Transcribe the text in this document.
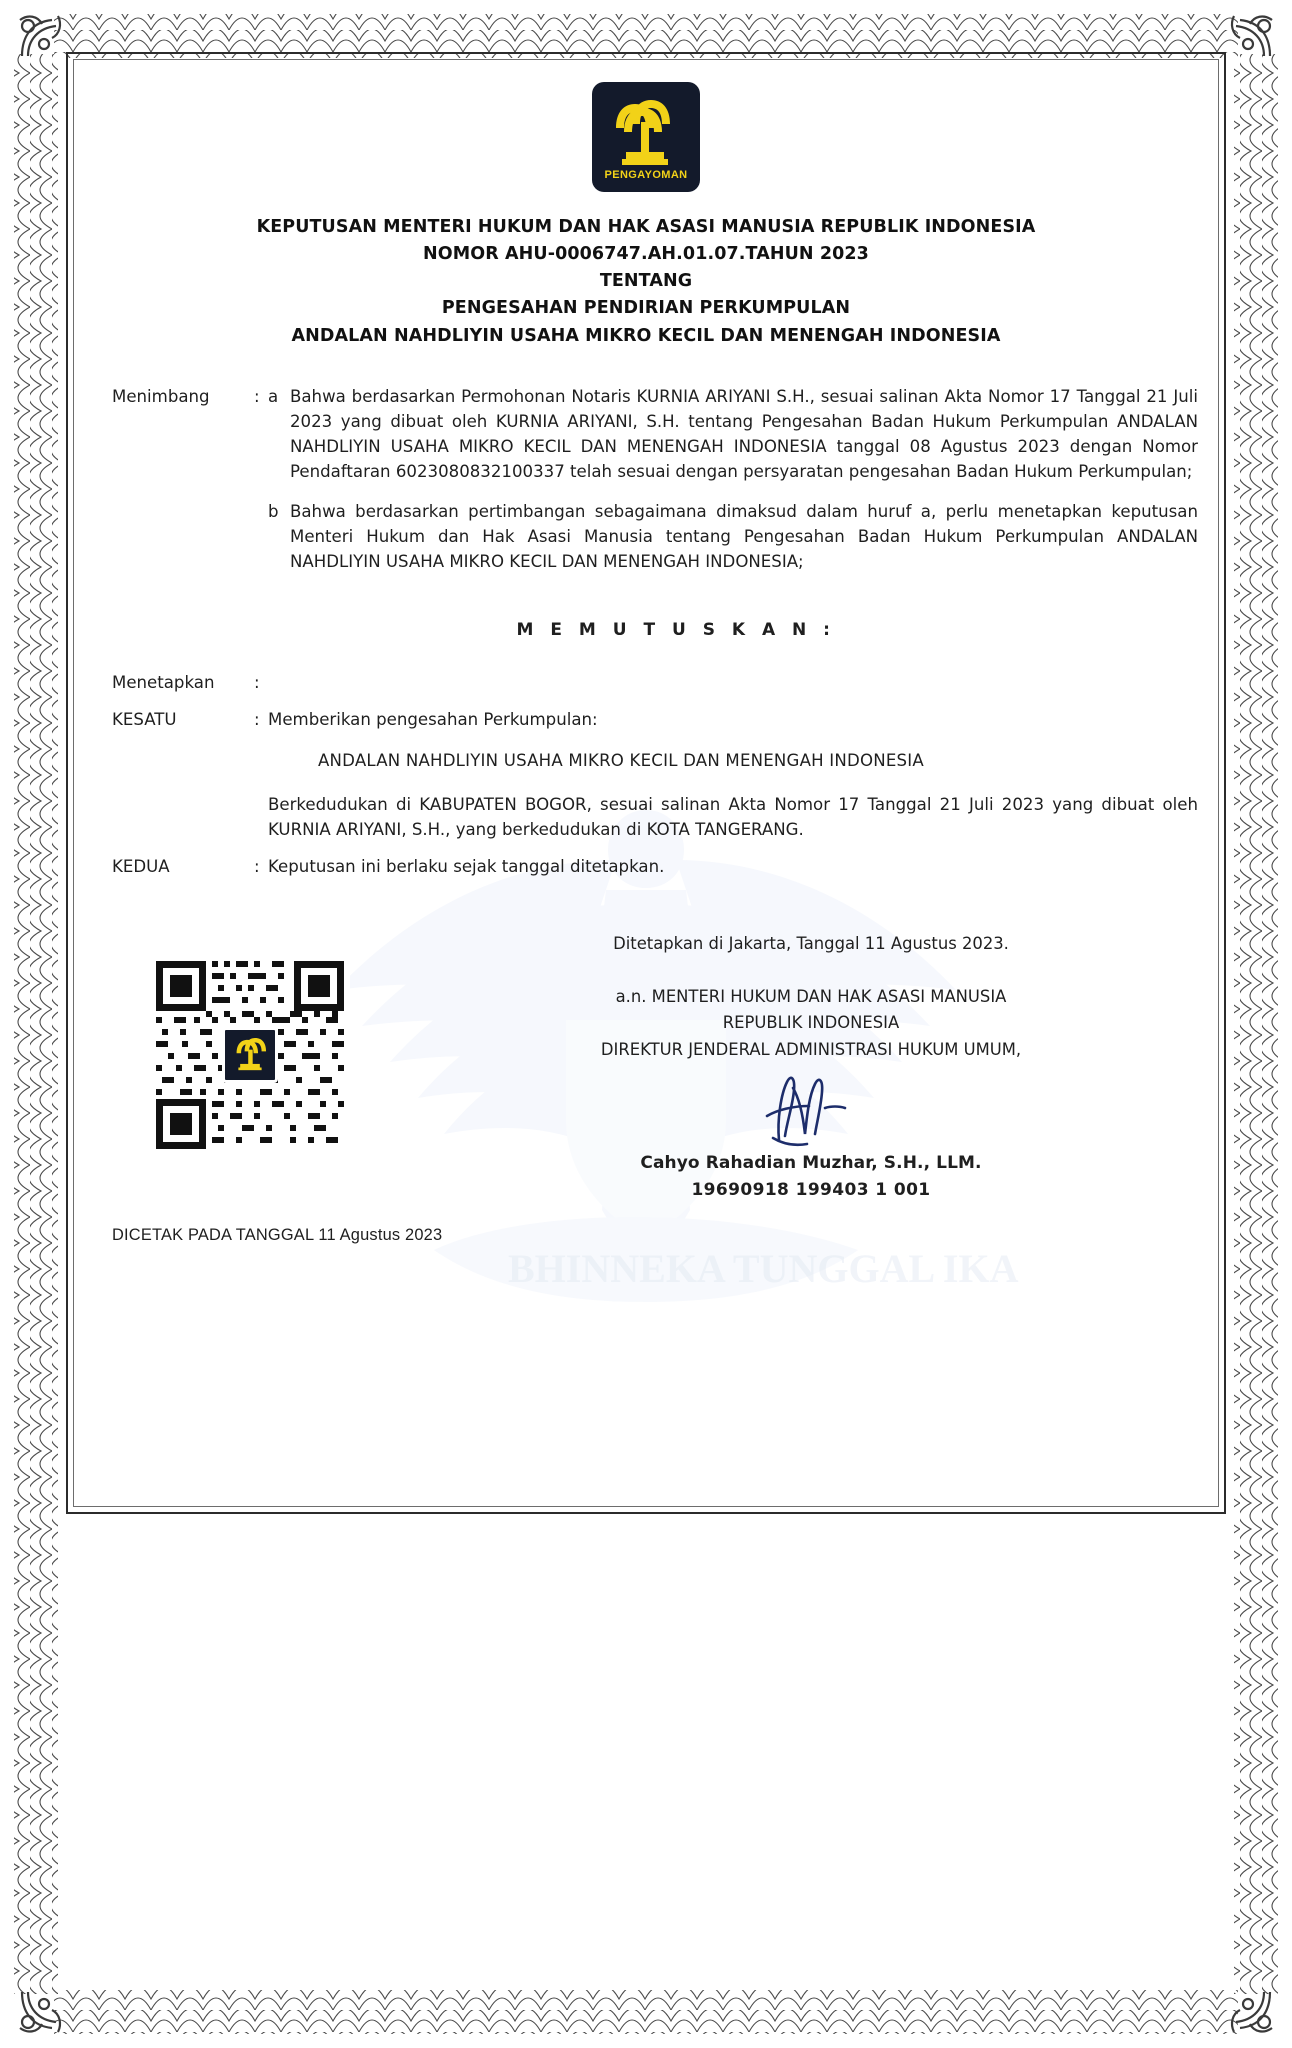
BHINNEKA TUNGGAL IKA
PENGAYOMAN
KEPUTUSAN MENTERI HUKUM DAN HAK ASASI MANUSIA REPUBLIK INDONESIA
NOMOR AHU-0006747.AH.01.07.TAHUN 2023
TENTANG
PENGESAHAN PENDIRIAN PERKUMPULAN
ANDALAN NAHDLIYIN USAHA MIKRO KECIL DAN MENENGAH INDONESIA
Menimbang	: a Bahwa berdasarkan Permohonan Notaris KURNIA ARIYANI S.H., sesuai salinan Akta Nomor 17 Tanggal 21 Juli 2023 yang dibuat oleh KURNIA ARIYANI, S.H. tentang Pengesahan Badan Hukum Perkumpulan ANDALAN NAHDLIYIN USAHA MIKRO KECIL DAN MENENGAH INDONESIA tanggal 08 Agustus 2023 dengan Nomor Pendaftaran 6023080832100337 telah sesuai dengan persyaratan pengesahan Badan Hukum Perkumpulan;
b Bahwa berdasarkan pertimbangan sebagaimana dimaksud dalam huruf a, perlu menetapkan keputusan Menteri Hukum dan Hak Asasi Manusia tentang Pengesahan Badan Hukum Perkumpulan ANDALAN NAHDLIYIN USAHA MIKRO KECIL DAN MENENGAH INDONESIA;
M E M U T U S K A N :
Menetapkan	:
KESATU	: Memberikan pengesahan Perkumpulan:
ANDALAN NAHDLIYIN USAHA MIKRO KECIL DAN MENENGAH INDONESIA
Berkedudukan di KABUPATEN BOGOR, sesuai salinan Akta Nomor 17 Tanggal 21 Juli 2023 yang dibuat oleh KURNIA ARIYANI, S.H., yang berkedudukan di KOTA TANGERANG.
KEDUA	: Keputusan ini berlaku sejak tanggal ditetapkan.
Ditetapkan di Jakarta, Tanggal 11 Agustus 2023.
a.n. MENTERI HUKUM DAN HAK ASASI MANUSIA
REPUBLIK INDONESIA
DIREKTUR JENDERAL ADMINISTRASI HUKUM UMUM,
Cahyo Rahadian Muzhar, S.H., LLM.
19690918 199403 1 001
DICETAK PADA TANGGAL 11 Agustus 2023
